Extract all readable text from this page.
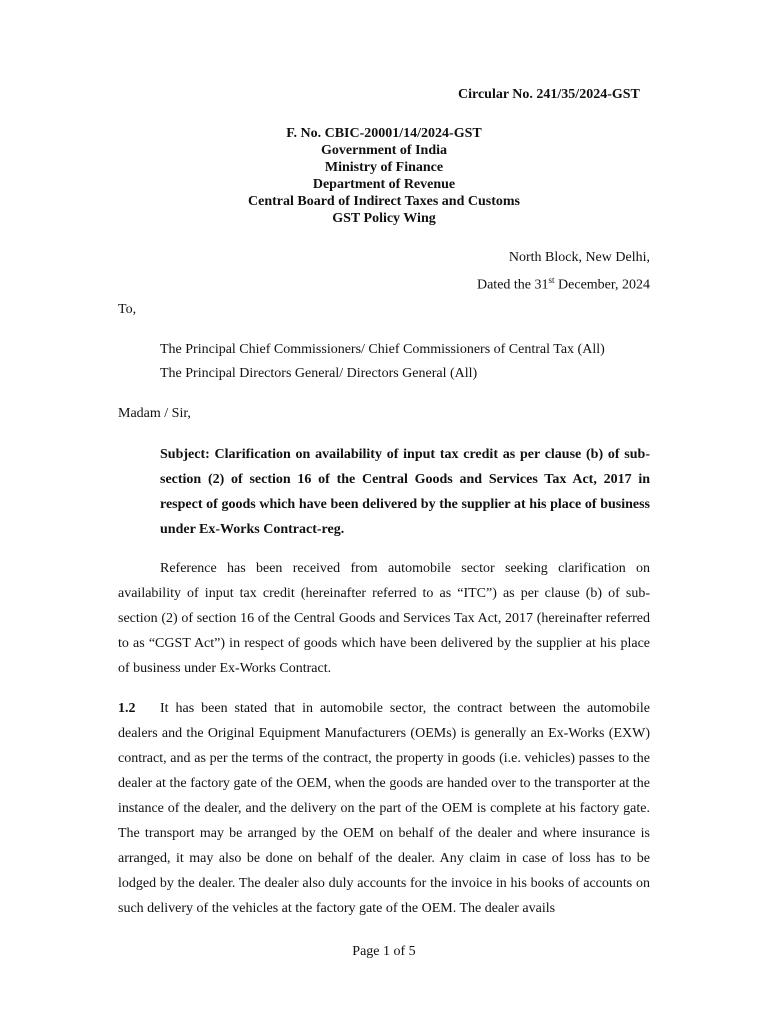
Circular No. 241/35/2024-GST
F. No. CBIC-20001/14/2024-GST
Government of India
Ministry of Finance
Department of Revenue
Central Board of Indirect Taxes and Customs
GST Policy Wing
North Block, New Delhi,
Dated the 31st December, 2024
To,
The Principal Chief Commissioners/ Chief Commissioners of Central Tax (All)
The Principal Directors General/ Directors General (All)
Madam / Sir,
Subject: Clarification on availability of input tax credit as per clause (b) of sub-section (2) of section 16 of the Central Goods and Services Tax Act, 2017 in respect of goods which have been delivered by the supplier at his place of business under Ex-Works Contract-reg.
Reference has been received from automobile sector seeking clarification on availability of input tax credit (hereinafter referred to as “ITC”) as per clause (b) of sub-section (2) of section 16 of the Central Goods and Services Tax Act, 2017 (hereinafter referred to as “CGST Act”) in respect of goods which have been delivered by the supplier at his place of business under Ex-Works Contract.
1.2 It has been stated that in automobile sector, the contract between the automobile dealers and the Original Equipment Manufacturers (OEMs) is generally an Ex-Works (EXW) contract, and as per the terms of the contract, the property in goods (i.e. vehicles) passes to the dealer at the factory gate of the OEM, when the goods are handed over to the transporter at the instance of the dealer, and the delivery on the part of the OEM is complete at his factory gate. The transport may be arranged by the OEM on behalf of the dealer and where insurance is arranged, it may also be done on behalf of the dealer. Any claim in case of loss has to be lodged by the dealer. The dealer also duly accounts for the invoice in his books of accounts on such delivery of the vehicles at the factory gate of the OEM. The dealer avails
Page 1 of 5
